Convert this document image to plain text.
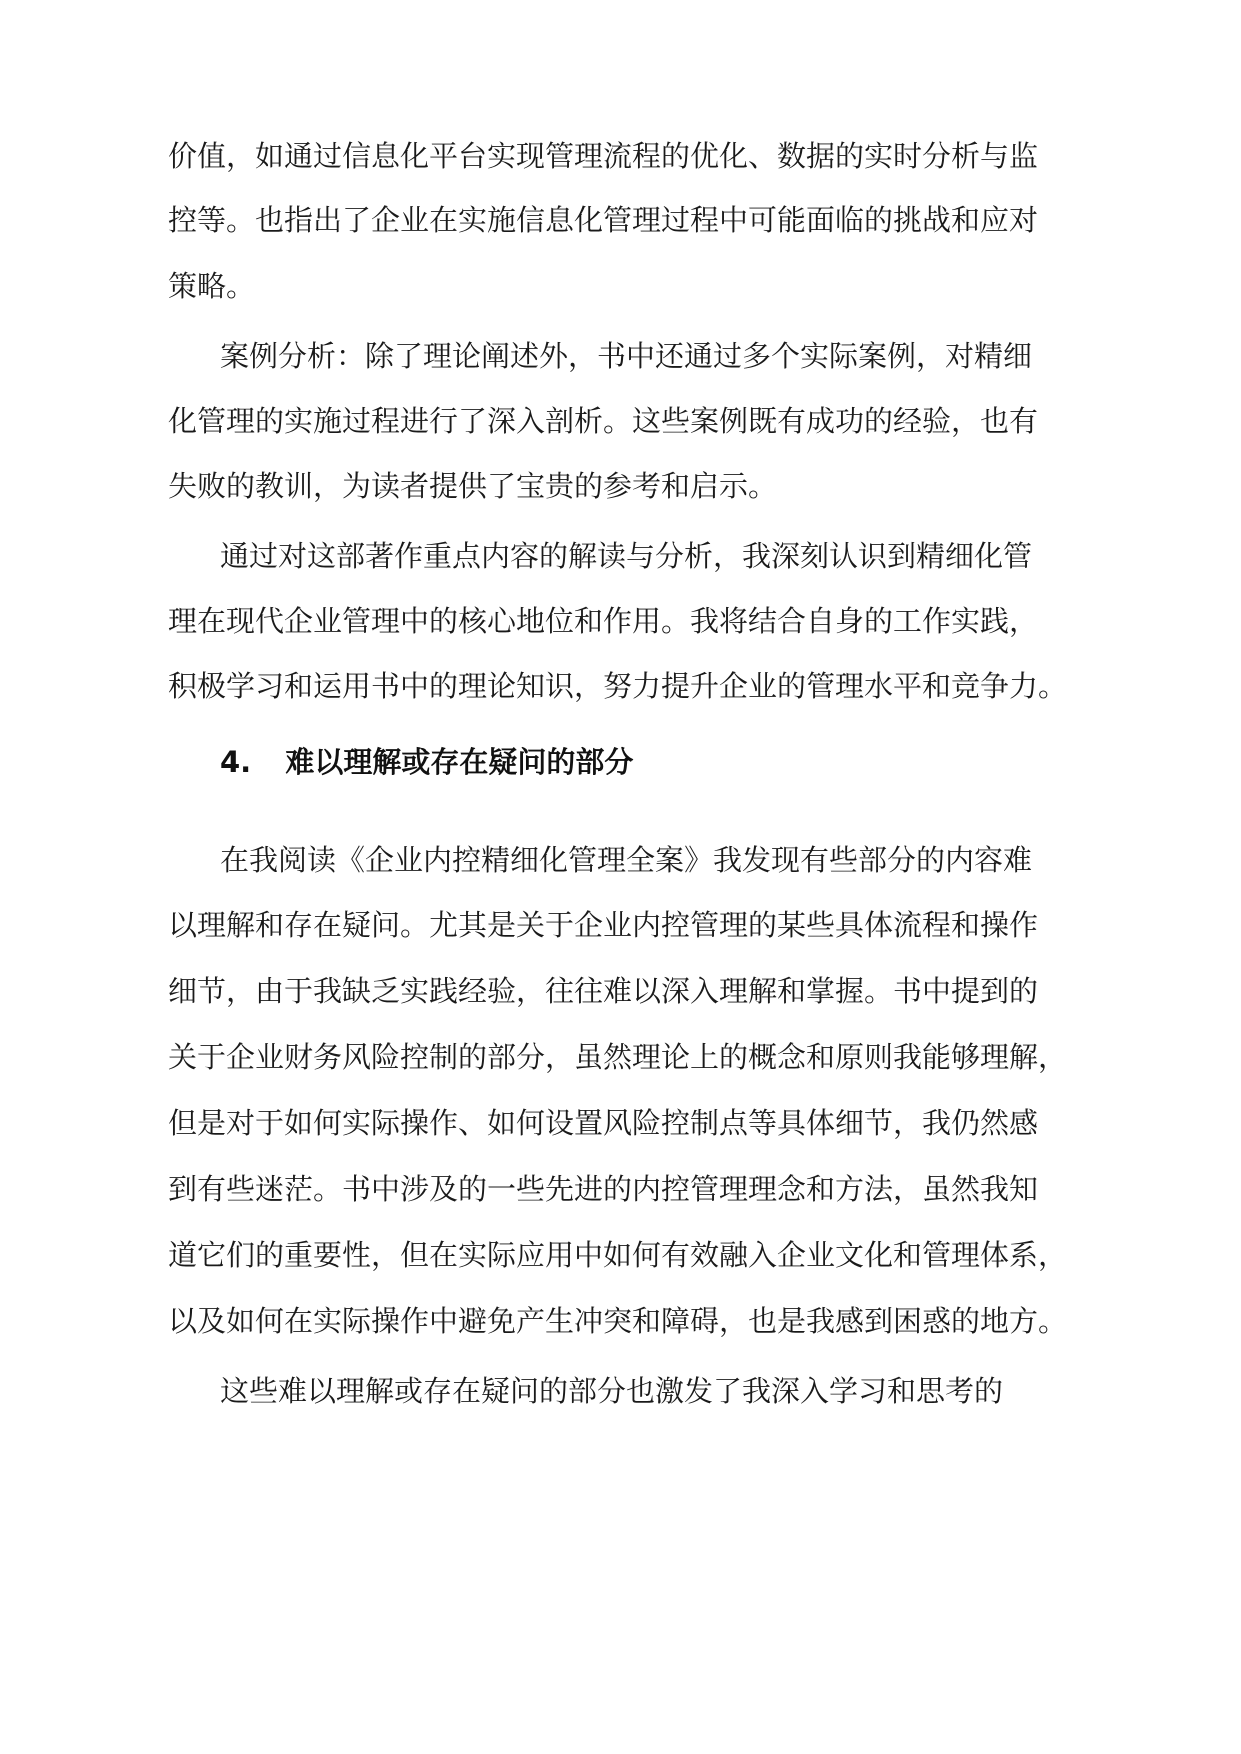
价值，如通过信息化平台实现管理流程的优化、数据的实时分析与监
控等。也指出了企业在实施信息化管理过程中可能面临的挑战和应对
策略。
案例分析：除了理论阐述外，书中还通过多个实际案例，对精细
化管理的实施过程进行了深入剖析。这些案例既有成功的经验，也有
失败的教训，为读者提供了宝贵的参考和启示。
通过对这部著作重点内容的解读与分析，我深刻认识到精细化管
理在现代企业管理中的核心地位和作用。我将结合自身的工作实践，
积极学习和运用书中的理论知识，努力提升企业的管理水平和竞争力。
4. 难以理解或存在疑问的部分
在我阅读《企业内控精细化管理全案》我发现有些部分的内容难
以理解和存在疑问。尤其是关于企业内控管理的某些具体流程和操作
细节，由于我缺乏实践经验，往往难以深入理解和掌握。书中提到的
关于企业财务风险控制的部分，虽然理论上的概念和原则我能够理解，
但是对于如何实际操作、如何设置风险控制点等具体细节，我仍然感
到有些迷茫。书中涉及的一些先进的内控管理理念和方法，虽然我知
道它们的重要性，但在实际应用中如何有效融入企业文化和管理体系，
以及如何在实际操作中避免产生冲突和障碍，也是我感到困惑的地方。
这些难以理解或存在疑问的部分也激发了我深入学习和思考的
